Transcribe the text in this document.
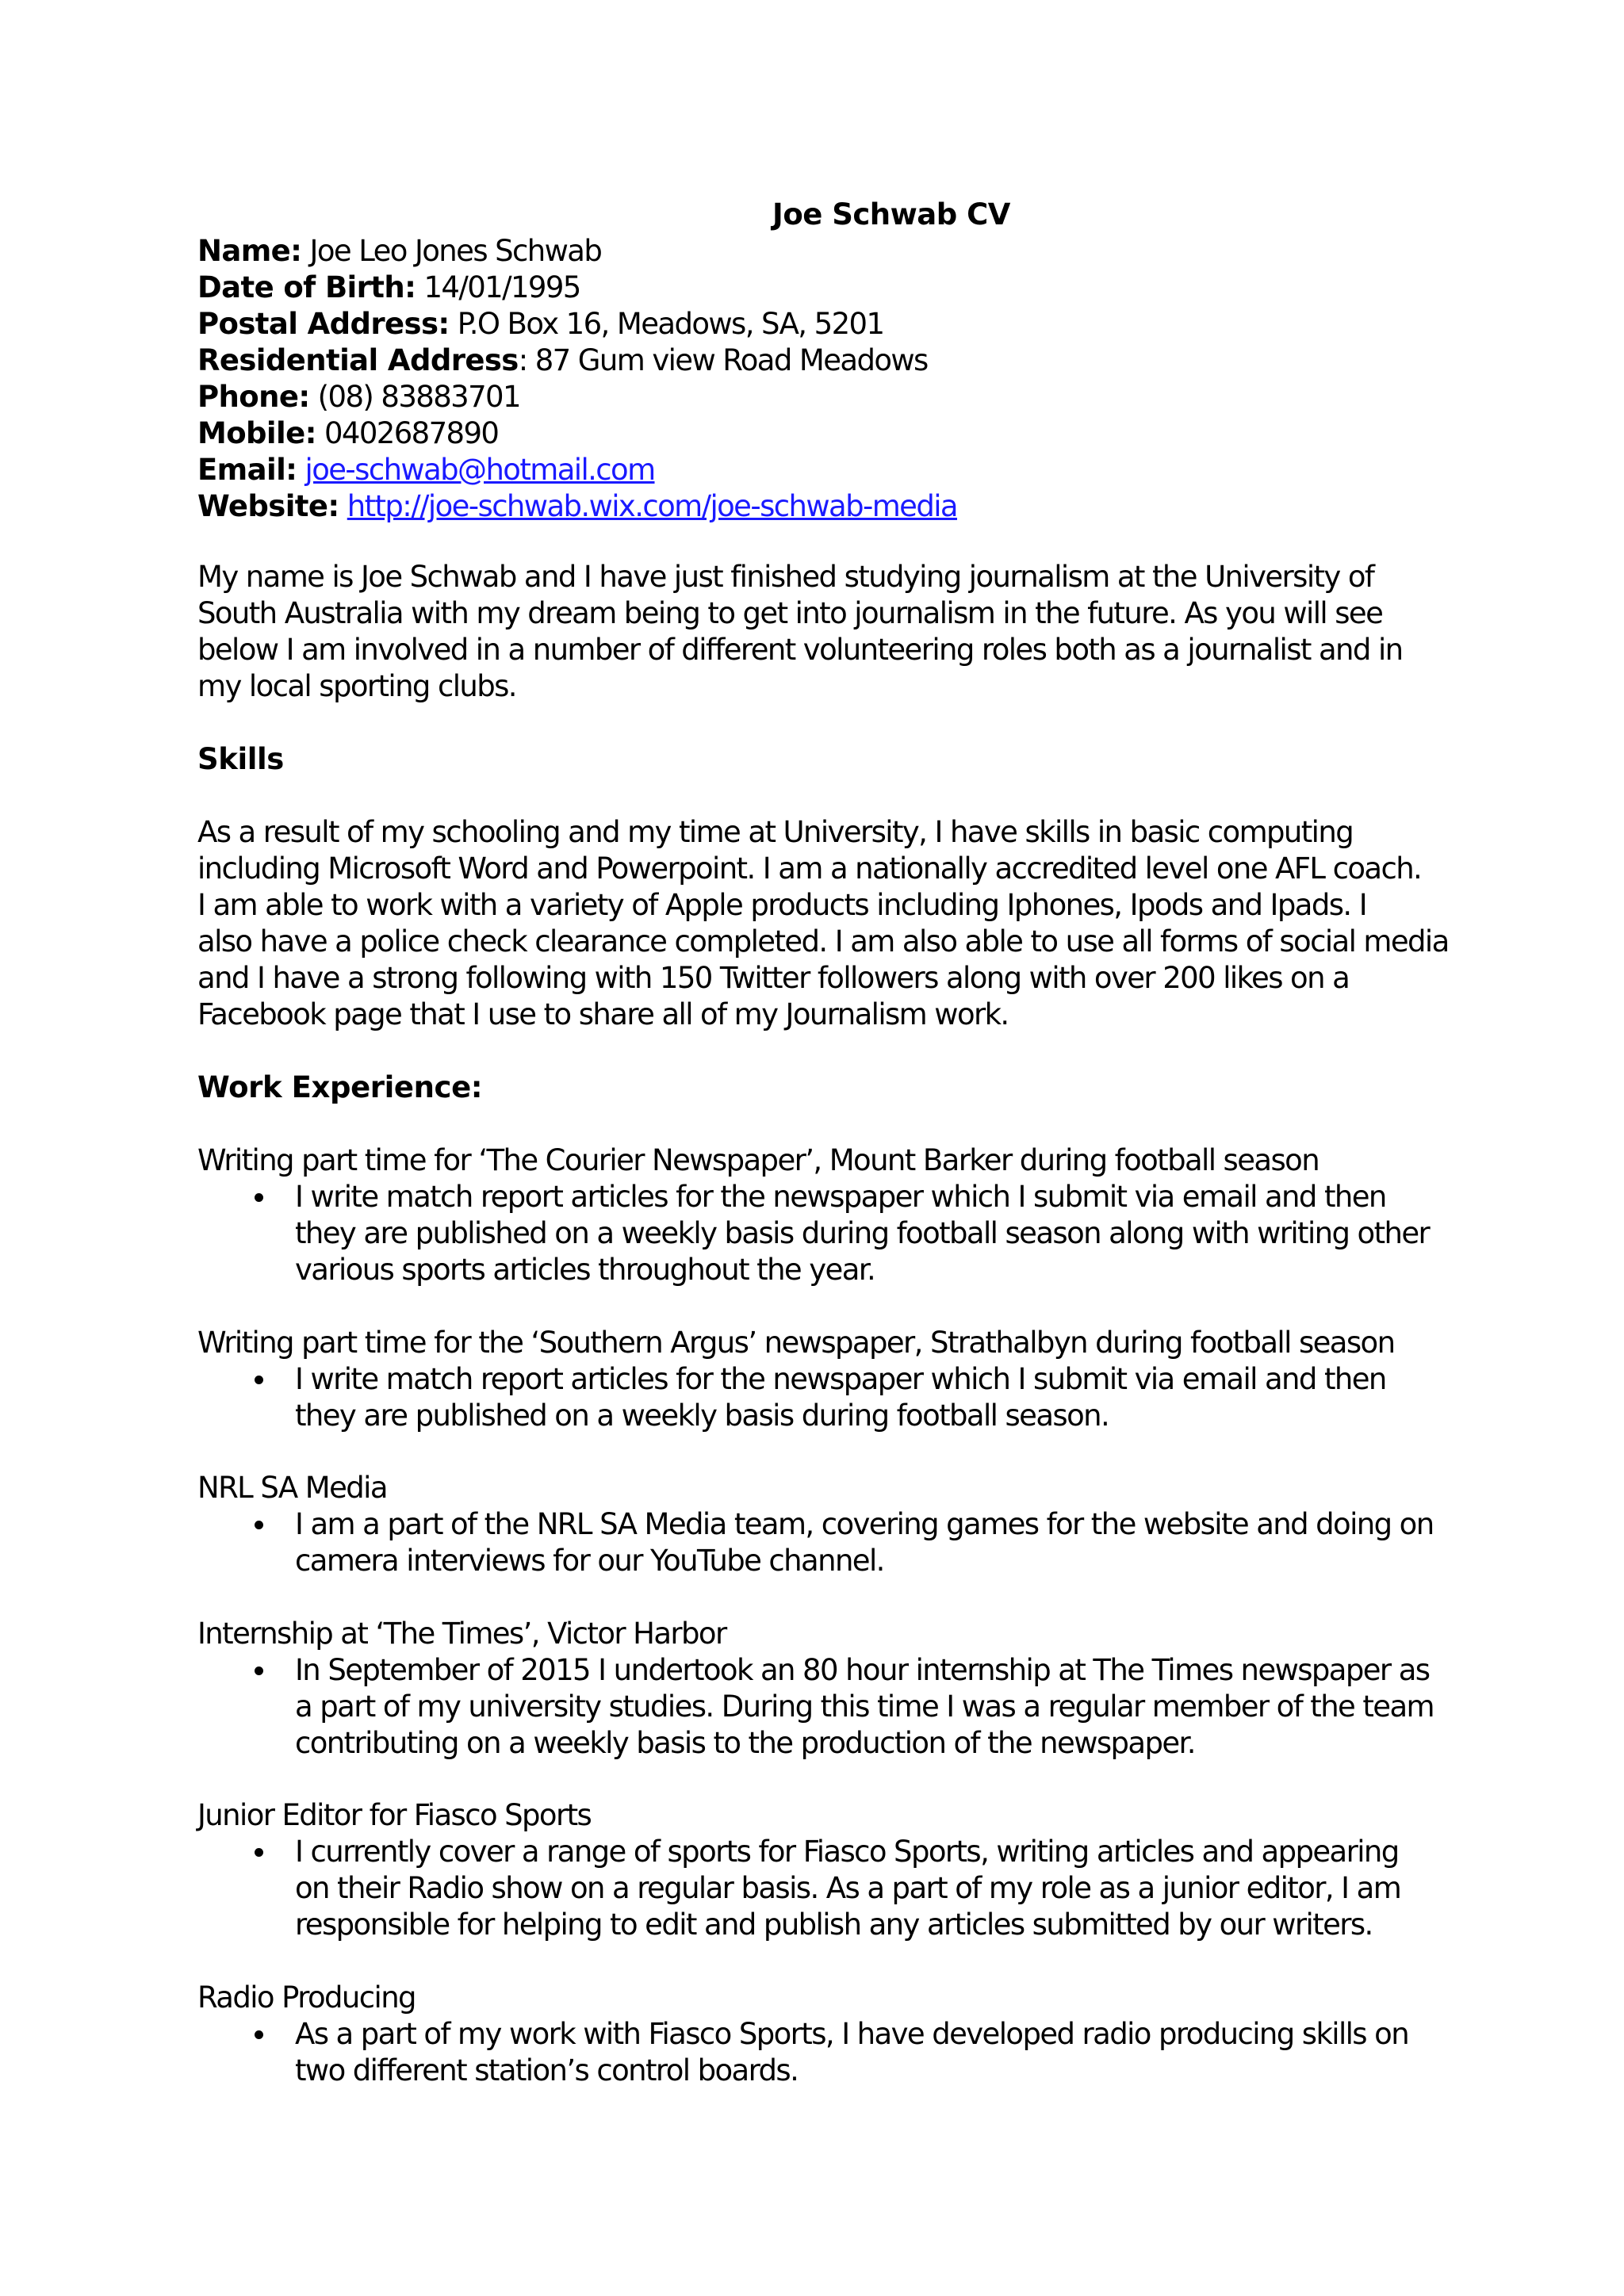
Joe Schwab CV
Name: Joe Leo Jones Schwab
Date of Birth: 14/01/1995
Postal Address: P.O Box 16, Meadows, SA, 5201
Residential Address: 87 Gum view Road Meadows
Phone: (08) 83883701
Mobile: 0402687890
Email: joe-schwab@hotmail.com
Website: http://joe-schwab.wix.com/joe-schwab-media
My name is Joe Schwab and I have just finished studying journalism at the University of
South Australia with my dream being to get into journalism in the future. As you will see
below I am involved in a number of different volunteering roles both as a journalist and in
my local sporting clubs.
Skills
As a result of my schooling and my time at University, I have skills in basic computing
including Microsoft Word and Powerpoint. I am a nationally accredited level one AFL coach.
I am able to work with a variety of Apple products including Iphones, Ipods and Ipads. I
also have a police check clearance completed. I am also able to use all forms of social media
and I have a strong following with 150 Twitter followers along with over 200 likes on a
Facebook page that I use to share all of my Journalism work.
Work Experience:
Writing part time for ‘The Courier Newspaper’, Mount Barker during football season
I write match report articles for the newspaper which I submit via email and then
they are published on a weekly basis during football season along with writing other
various sports articles throughout the year.
Writing part time for the ‘Southern Argus’ newspaper, Strathalbyn during football season
I write match report articles for the newspaper which I submit via email and then
they are published on a weekly basis during football season.
NRL SA Media
I am a part of the NRL SA Media team, covering games for the website and doing on
camera interviews for our YouTube channel.
Internship at ‘The Times’, Victor Harbor
In September of 2015 I undertook an 80 hour internship at The Times newspaper as
a part of my university studies. During this time I was a regular member of the team
contributing on a weekly basis to the production of the newspaper.
Junior Editor for Fiasco Sports
I currently cover a range of sports for Fiasco Sports, writing articles and appearing
on their Radio show on a regular basis. As a part of my role as a junior editor, I am
responsible for helping to edit and publish any articles submitted by our writers.
Radio Producing
As a part of my work with Fiasco Sports, I have developed radio producing skills on
two different station’s control boards.
